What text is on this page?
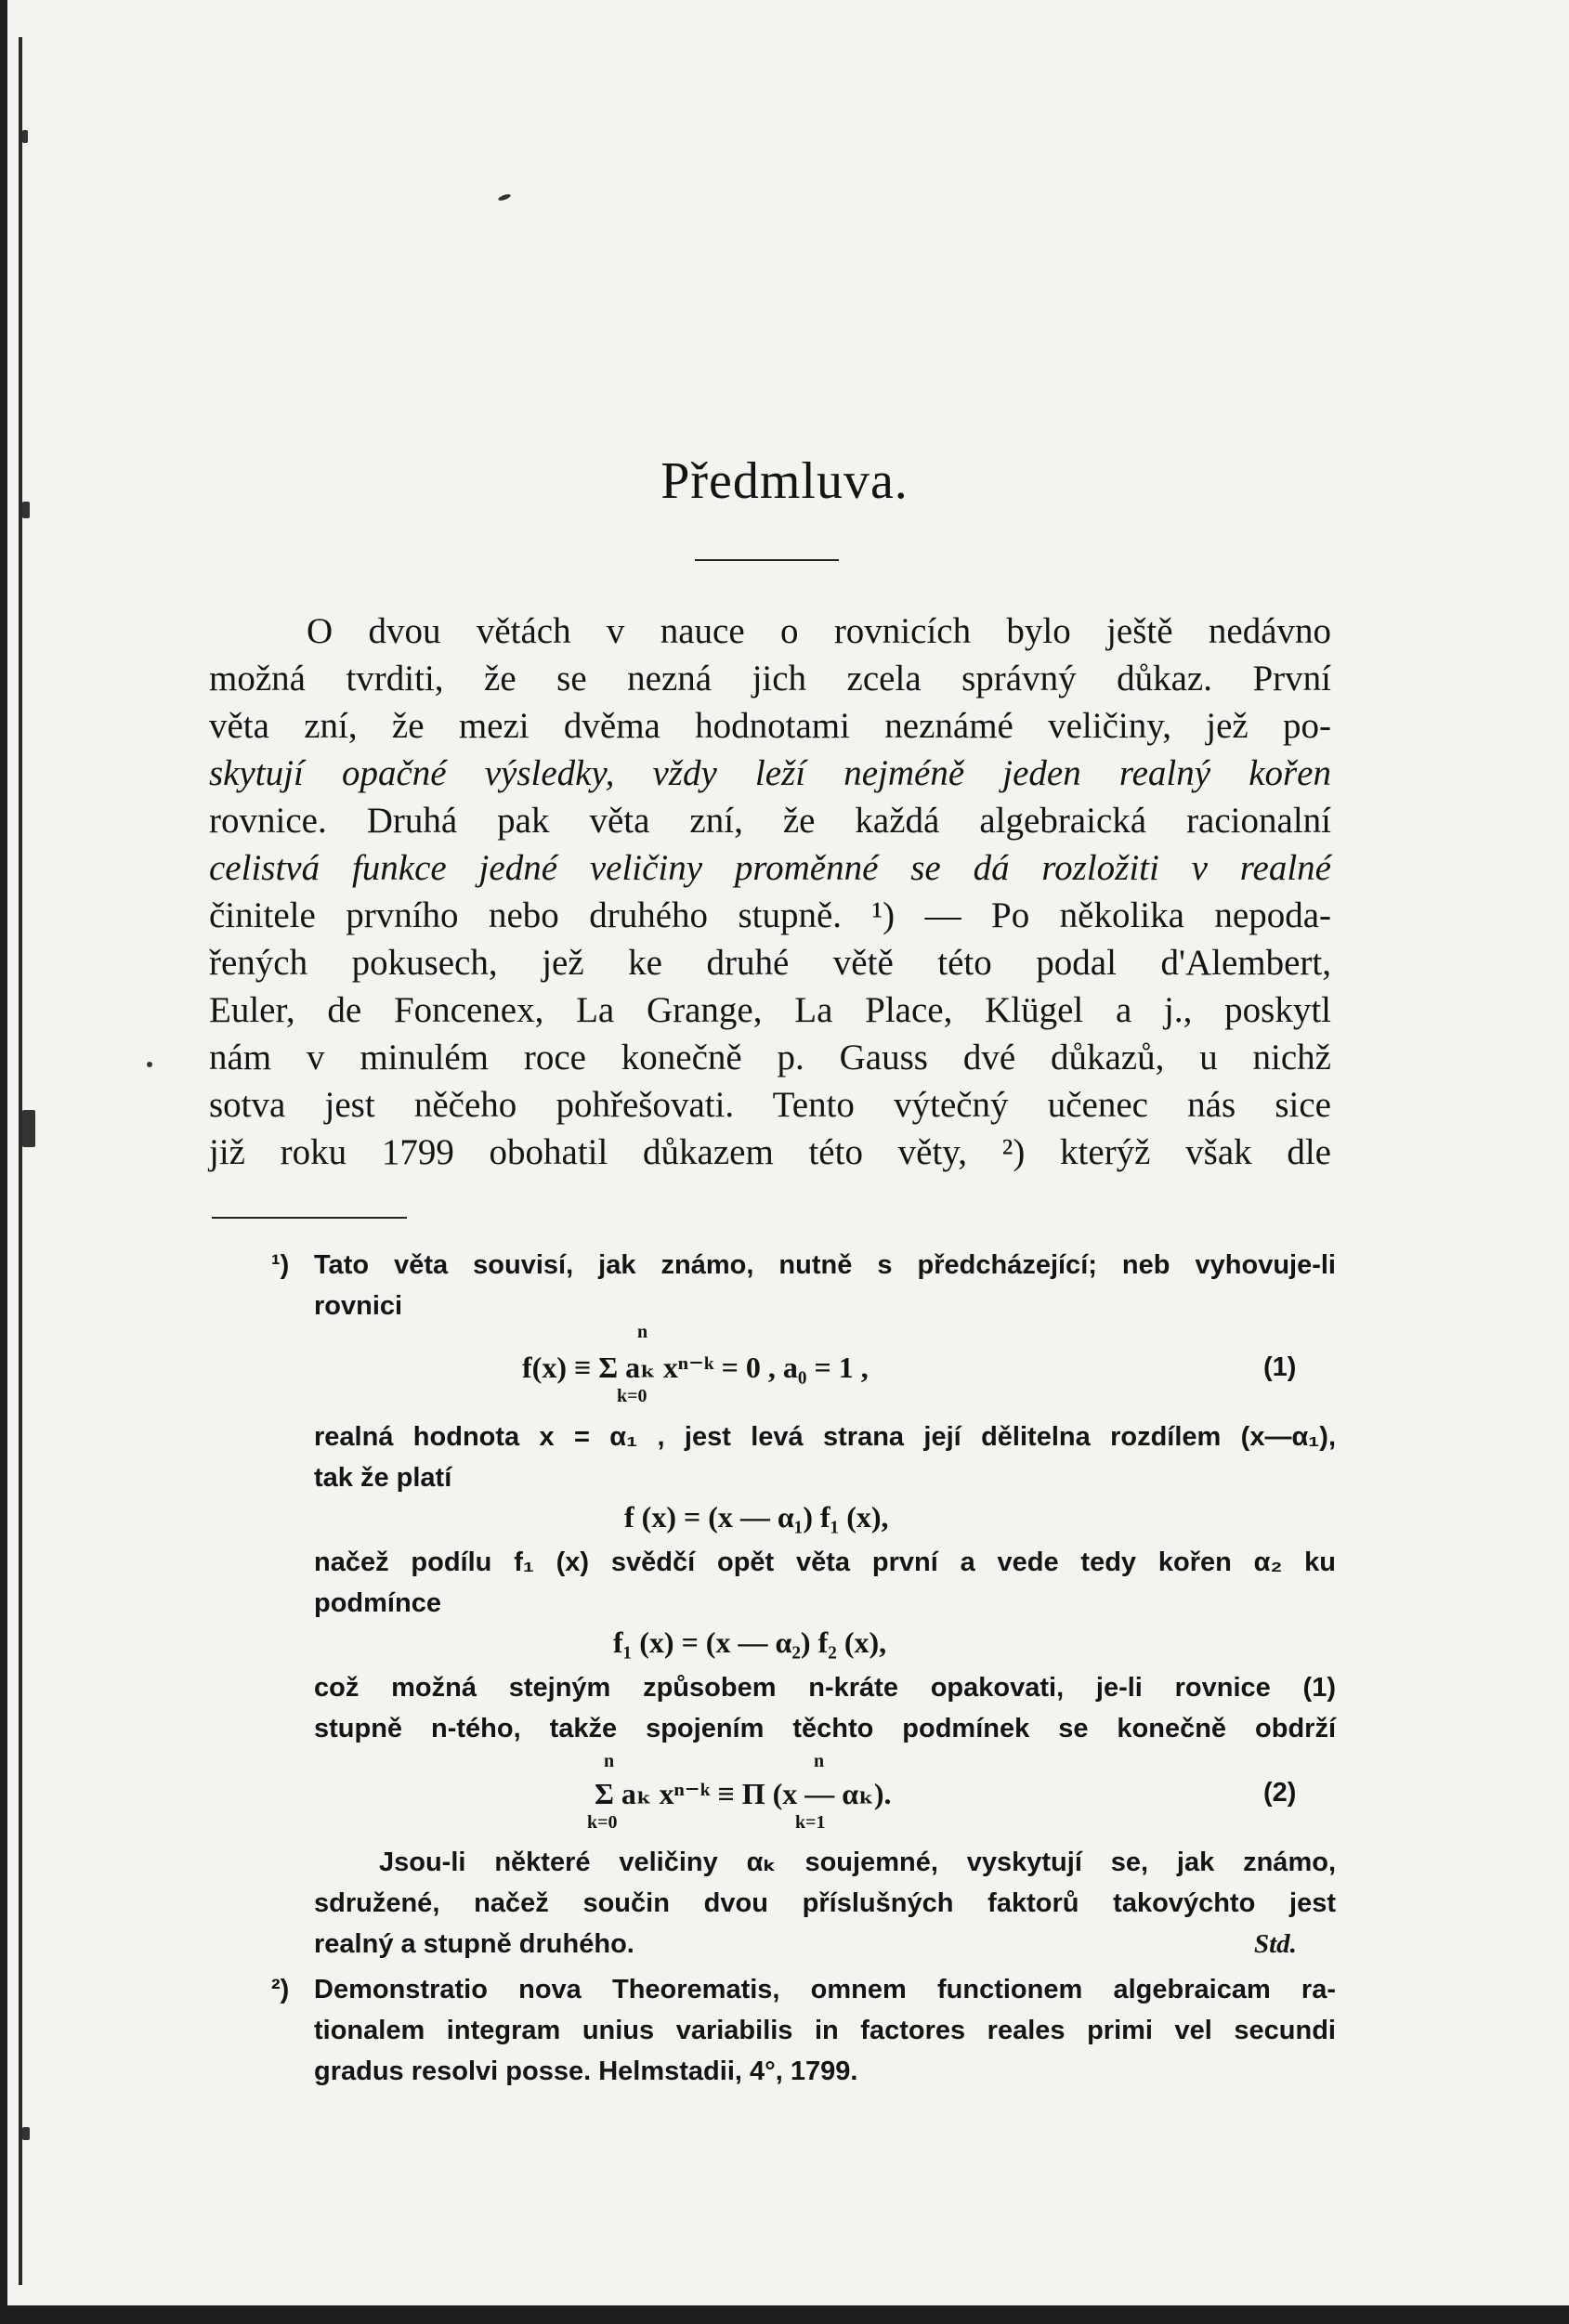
Předmluva.
O dvou větách v nauce o rovnicích bylo ještě nedávno
možná tvrditi, že se nezná jich zcela správný důkaz. První
věta zní, že mezi dvěma hodnotami neznámé veličiny, jež po-
skytují opačné výsledky, vždy leží nejméně jeden realný kořen
rovnice. Druhá pak věta zní, že každá algebraická racionalní
celistvá funkce jedné veličiny proměnné se dá rozložiti v realné
činitele prvního nebo druhého stupně. ¹) — Po několika nepoda-
řených pokusech, jež ke druhé větě této podal d'Alembert,
Euler, de Foncenex, La Grange, La Place, Klügel a j., poskytl
nám v minulém roce konečně p. Gauss dvé důkazů, u nichž
sotva jest něčeho pohřešovati. Tento výtečný učenec nás sice
již roku 1799 obohatil důkazem této věty, ²) kterýž však dle
¹) Tato věta souvisí, jak známo, nutně s předcházející; neb vyhovuje-li
rovnici
n
f(x) ≡ Σ aₖ xⁿ⁻ᵏ = 0 , a₀ = 1 ,
k=0
(1)
realná hodnota x = α₁ , jest levá strana její dělitelna rozdílem (x—α₁),
tak že platí
f (x) = (x — α₁) f₁ (x),
načež podílu f₁ (x) svědčí opět věta první a vede tedy kořen α₂ ku
podmínce
f₁ (x) = (x — α₂) f₂ (x),
což možná stejným způsobem n-kráte opakovati, je-li rovnice (1)
stupně n-tého, takže spojením těchto podmínek se konečně obdrží
n	n
Σ aₖ xⁿ⁻ᵏ ≡ Π (x — αₖ).
k=0	k=1
(2)
Jsou-li některé veličiny αₖ soujemné, vyskytují se, jak známo,
sdružené, načež součin dvou příslušných faktorů takovýchto jest
realný a stupně druhého.	Std.
²) Demonstratio nova Theorematis, omnem functionem algebraicam ra-
tionalem integram unius variabilis in factores reales primi vel secundi
gradus resolvi posse. Helmstadii, 4°, 1799.
